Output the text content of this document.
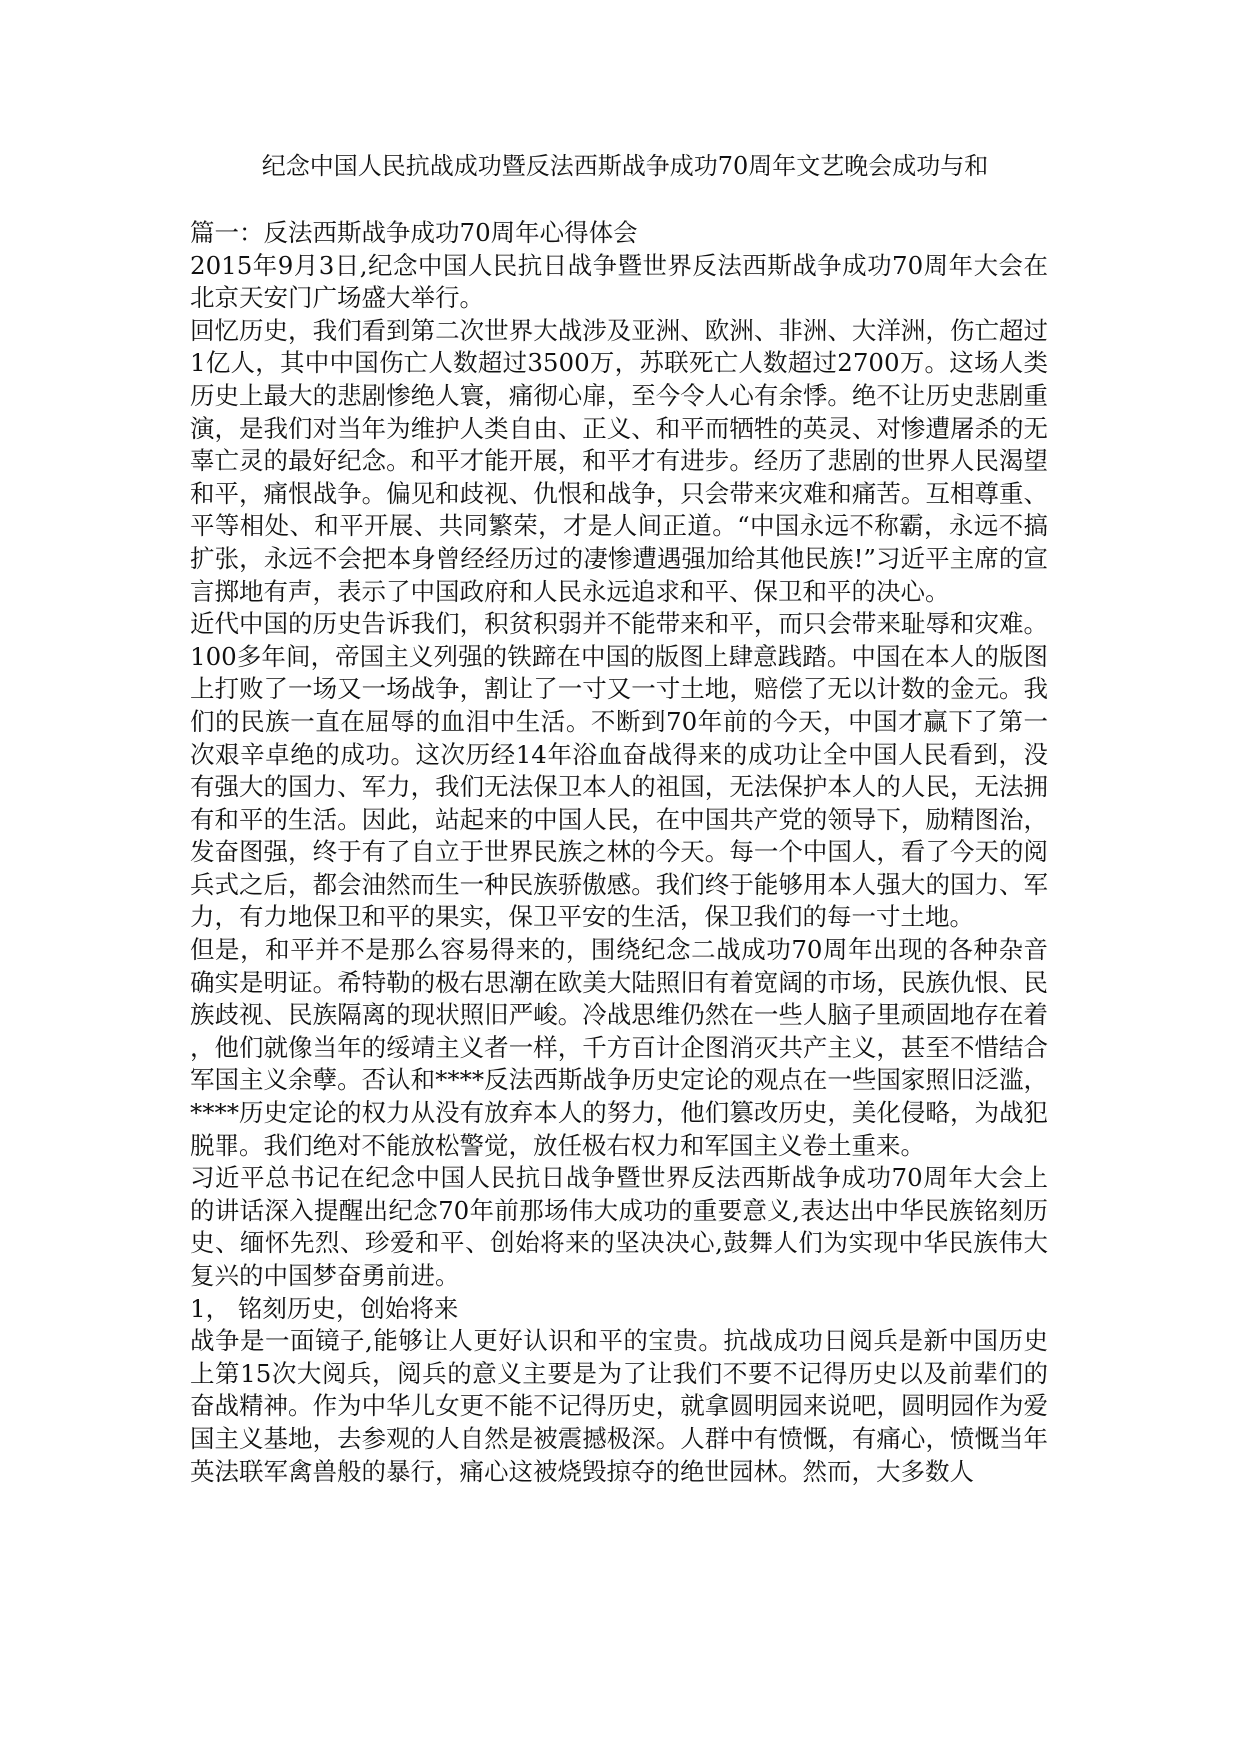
纪念中国人民抗战成功暨反法西斯战争成功70周年文艺晚会成功与和

篇一：反法西斯战争成功70周年心得体会

2015年9月3日,纪念中国人民抗日战争暨世界反法西斯战争成功70周年大会在北京天安门广场盛大举行。

回忆历史，我们看到第二次世界大战涉及亚洲、欧洲、非洲、大洋洲，伤亡超过1亿人，其中中国伤亡人数超过3500万，苏联死亡人数超过2700万。这场人类历史上最大的悲剧惨绝人寰，痛彻心扉，至今令人心有余悸。绝不让历史悲剧重演，是我们对当年为维护人类自由、正义、和平而牺牲的英灵、对惨遭屠杀的无辜亡灵的最好纪念。和平才能开展，和平才有进步。经历了悲剧的世界人民渴望和平，痛恨战争。偏见和歧视、仇恨和战争，只会带来灾难和痛苦。互相尊重、平等相处、和平开展、共同繁荣，才是人间正道。“中国永远不称霸，永远不搞扩张，永远不会把本身曾经经历过的凄惨遭遇强加给其他民族!”习近平主席的宣言掷地有声，表示了中国政府和人民永远追求和平、保卫和平的决心。

近代中国的历史告诉我们，积贫积弱并不能带来和平，而只会带来耻辱和灾难。100多年间，帝国主义列强的铁蹄在中国的版图上肆意践踏。中国在本人的版图上打败了一场又一场战争，割让了一寸又一寸土地，赔偿了无以计数的金元。我们的民族一直在屈辱的血泪中生活。不断到70年前的今天，中国才赢下了第一次艰辛卓绝的成功。这次历经14年浴血奋战得来的成功让全中国人民看到，没有强大的国力、军力，我们无法保卫本人的祖国，无法保护本人的人民，无法拥有和平的生活。因此，站起来的中国人民，在中国共产党的领导下，励精图治，发奋图强，终于有了自立于世界民族之林的今天。每一个中国人，看了今天的阅兵式之后，都会油然而生一种民族骄傲感。我们终于能够用本人强大的国力、军力，有力地保卫和平的果实，保卫平安的生活，保卫我们的每一寸土地。

但是，和平并不是那么容易得来的，围绕纪念二战成功70周年出现的各种杂音确实是明证。希特勒的极右思潮在欧美大陆照旧有着宽阔的市场，民族仇恨、民族歧视、民族隔离的现状照旧严峻。冷战思维仍然在一些人脑子里顽固地存在着，他们就像当年的绥靖主义者一样，千方百计企图消灭共产主义，甚至不惜结合军国主义余孽。否认和****反法西斯战争历史定论的观点在一些国家照旧泛滥，****历史定论的权力从没有放弃本人的努力，他们篡改历史，美化侵略，为战犯脱罪。我们绝对不能放松警觉，放任极右权力和军国主义卷土重来。

习近平总书记在纪念中国人民抗日战争暨世界反法西斯战争成功70周年大会上的讲话深入提醒出纪念70年前那场伟大成功的重要意义,表达出中华民族铭刻历史、缅怀先烈、珍爱和平、创始将来的坚决决心,鼓舞人们为实现中华民族伟大复兴的中国梦奋勇前进。

1， 铭刻历史，创始将来

战争是一面镜子,能够让人更好认识和平的宝贵。抗战成功日阅兵是新中国历史上第15次大阅兵，阅兵的意义主要是为了让我们不要不记得历史以及前辈们的奋战精神。作为中华儿女更不能不记得历史，就拿圆明园来说吧，圆明园作为爱国主义基地，去参观的人自然是被震撼极深。人群中有愤慨，有痛心，愤慨当年英法联军禽兽般的暴行，痛心这被烧毁掠夺的绝世园林。然而，大多数人
